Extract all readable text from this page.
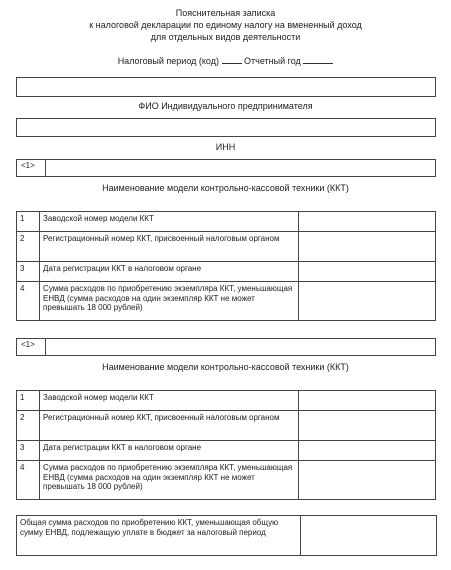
Пояснительная записка
к налоговой декларации по единому налогу на вмененный доход
для отдельных видов деятельности
Налоговый период (код)	Отчетный год
ФИО Индивидуального предпринимателя
ИНН
<1>
Наименование модели контрольно-кассовой техники (ККТ)
1	Заводской номер модели ККТ	
2	Регистрационный номер ККТ, присвоенный налоговым органом	
3	Дата регистрации ККТ в налоговом органе	
4	Сумма расходов по приобретению экземпляра ККТ, уменьшающая ЕНВД (сумма расходов на один экземпляр ККТ не может превышать 18 000 рублей)	
<1>
Наименование модели контрольно-кассовой техники (ККТ)
1	Заводской номер модели ККТ	
2	Регистрационный номер ККТ, присвоенный налоговым органом	
3	Дата регистрации ККТ в налоговом органе	
4	Сумма расходов по приобретению экземпляра ККТ, уменьшающая ЕНВД (сумма расходов на один экземпляр ККТ не может превышать 18 000 рублей)	
Общая сумма расходов по приобретению ККТ, уменьшающая общую сумму ЕНВД, подлежащую уплате в бюджет за налоговый период	
